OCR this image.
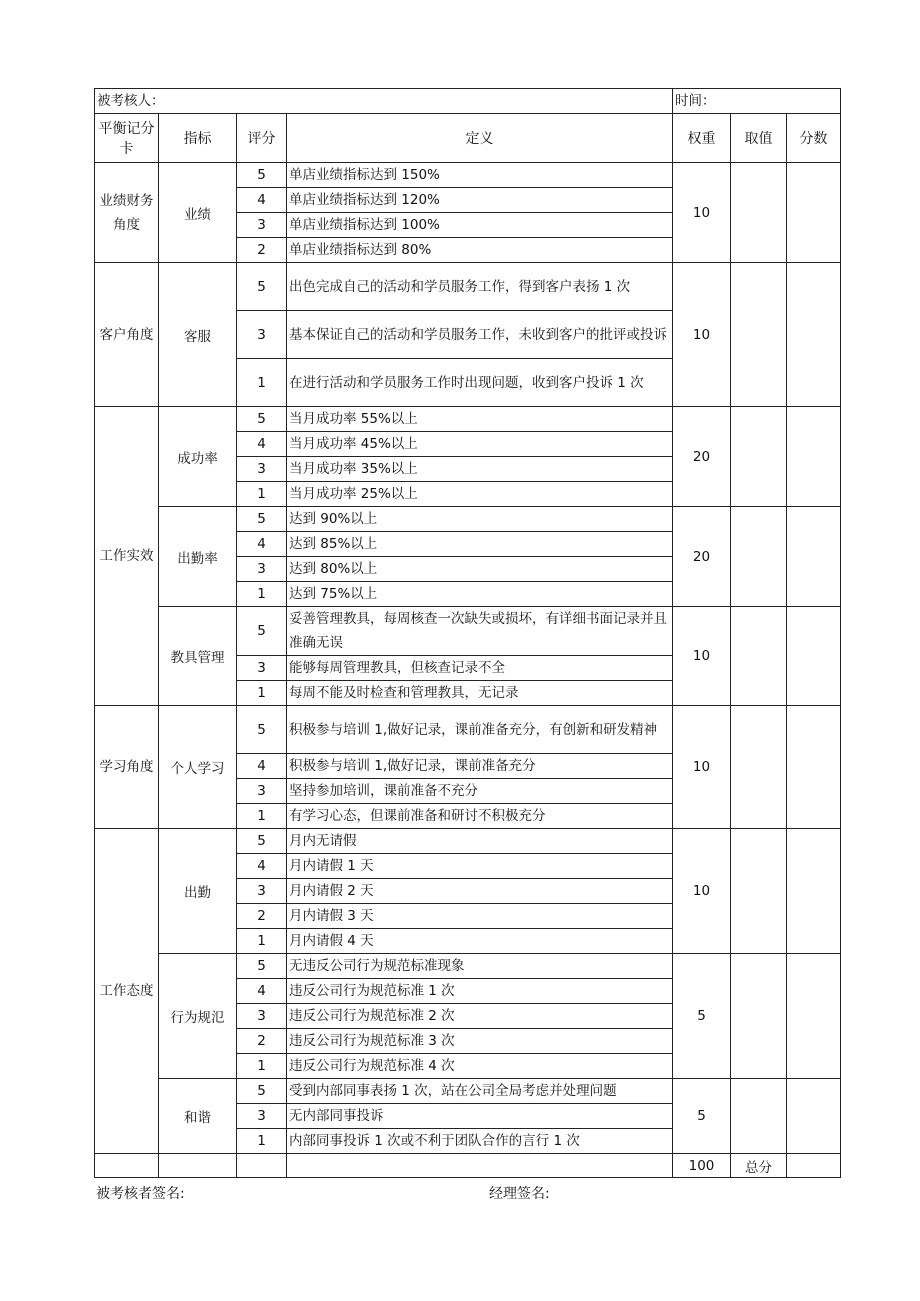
被考核人：				时间：		
平衡记分卡	指标	评分	定义	权重	取值	分数
业绩财务角度	业绩	5	单店业绩指标达到 150%	10		
		4	单店业绩指标达到 120%			
		3	单店业绩指标达到 100%			
		2	单店业绩指标达到 80%			
客户角度	客服	5	出色完成自己的活动和学员服务工作，得到客户表扬 1 次	10		
		3	基本保证自己的活动和学员服务工作，未收到客户的批评或投诉			
		1	在进行活动和学员服务工作时出现问题，收到客户投诉 1 次			
工作实效	成功率	5	当月成功率 55%以上	20		
		4	当月成功率 45%以上			
		3	当月成功率 35%以上			
		1	当月成功率 25%以上			
	出勤率	5	达到 90%以上	20		
		4	达到 85%以上			
		3	达到 80%以上			
		1	达到 75%以上			
	教具管理	5	妥善管理教具，每周核查一次缺失或损坏，有详细书面记录并且准确无误	10		
		3	能够每周管理教具，但核查记录不全			
		1	每周不能及时检查和管理教具，无记录			
学习角度	个人学习	5	积极参与培训 1,做好记录，课前准备充分，有创新和研发精神	10		
		4	积极参与培训 1,做好记录，课前准备充分			
		3	坚持参加培训，课前准备不充分			
		1	有学习心态，但课前准备和研讨不积极充分			
工作态度	出勤	5	月内无请假	10		
		4	月内请假 1 天			
		3	月内请假 2 天			
		2	月内请假 3 天			
		1	月内请假 4 天			
	行为规氾	5	无违反公司行为规范标准现象	5		
		4	违反公司行为规范标准 1 次			
		3	违反公司行为规范标准 2 次			
		2	违反公司行为规范标准 3 次			
		1	违反公司行为规范标准 4 次			
	和谐	5	受到内部同事表扬 1 次，站在公司全局考虑并处理问题	5		
		3	无内部同事投诉			
		1	内部同事投诉 1 次或不利于团队合作的言行 1 次			
				100	总分	
被考核者签名:	经理签名:
